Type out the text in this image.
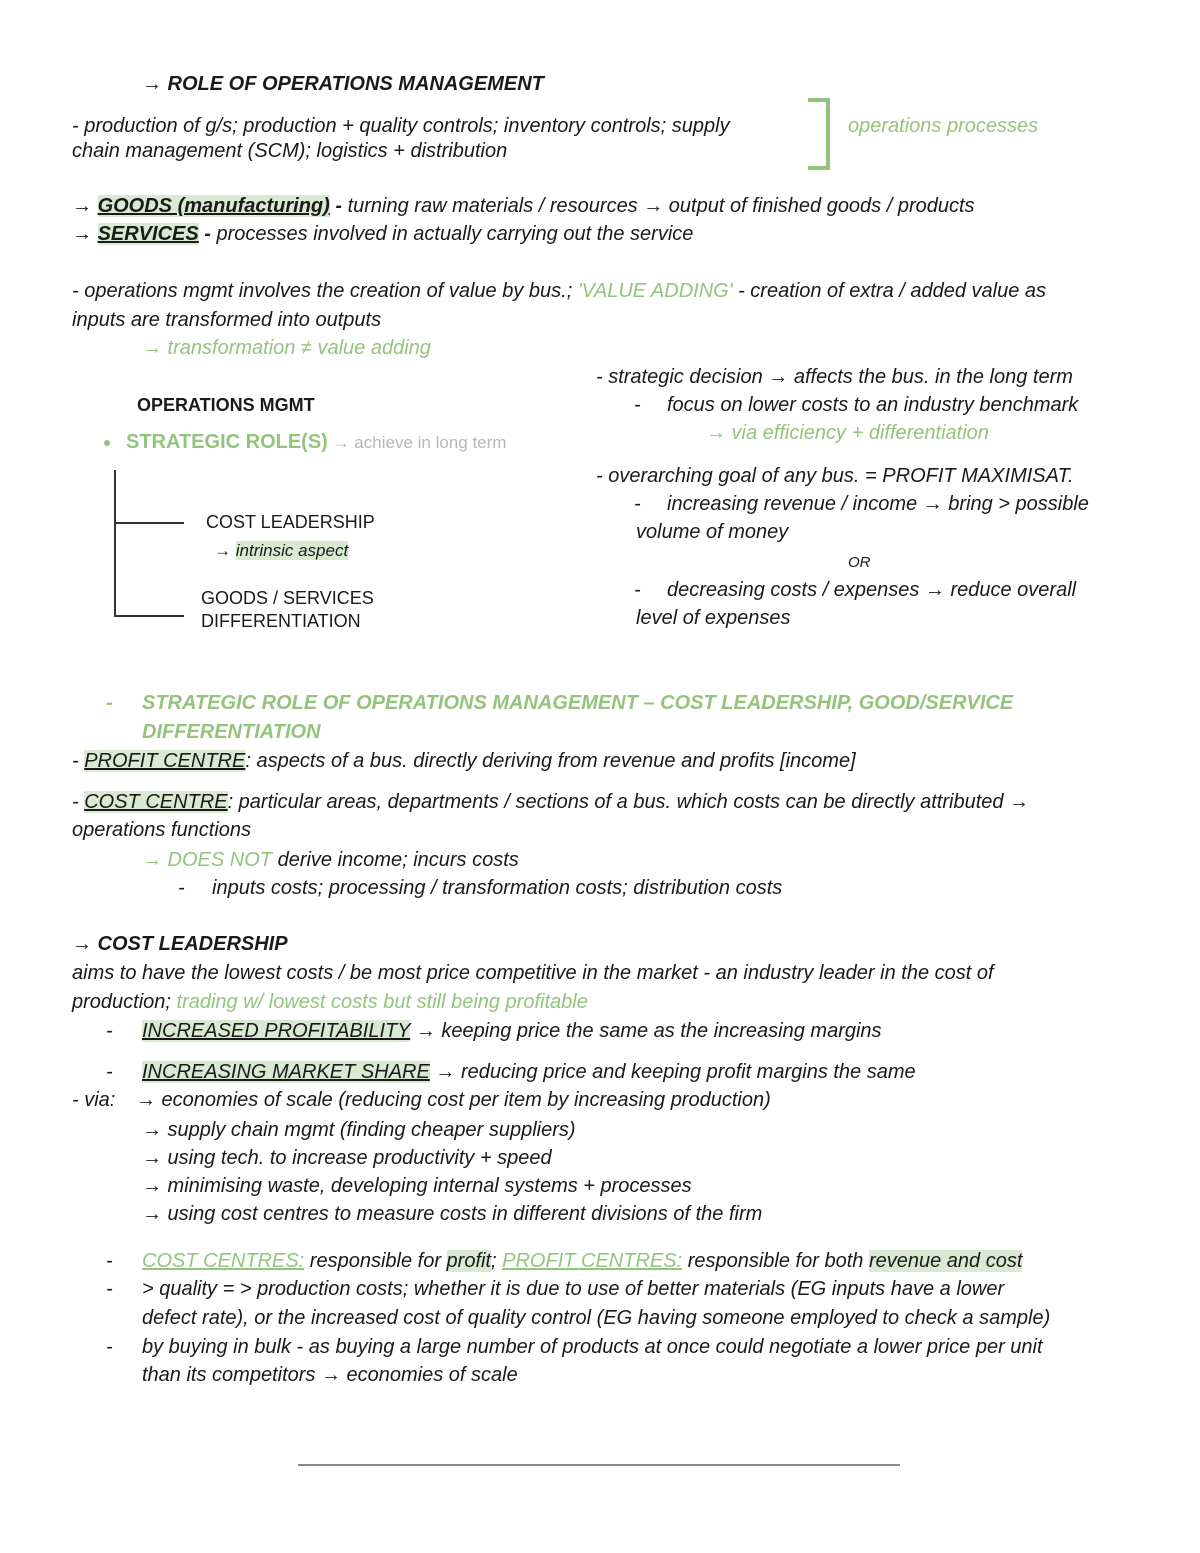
→ ROLE OF OPERATIONS MANAGEMENT
- production of g/s; production + quality controls; inventory controls; supply
chain management (SCM); logistics + distribution
operations processes
→ GOODS (manufacturing) - turning raw materials / resources → output of finished goods / products
→ SERVICES - processes involved in actually carrying out the service
- operations mgmt involves the creation of value by bus.; 'VALUE ADDING' - creation of extra / added value as
inputs are transformed into outputs
→ transformation ≠ value adding
OPERATIONS MGMT
STRATEGIC ROLE(S) → achieve in long term
COST LEADERSHIP
→ intrinsic aspect
GOODS / SERVICES
DIFFERENTIATION
- strategic decision → affects the bus. in the long term
- focus on lower costs to an industry benchmark
→ via efficiency + differentiation
- overarching goal of any bus. = PROFIT MAXIMISAT.
- increasing revenue / income → bring > possible
volume of money
OR
- decreasing costs / expenses → reduce overall
level of expenses
- STRATEGIC ROLE OF OPERATIONS MANAGEMENT – COST LEADERSHIP, GOOD/SERVICE
DIFFERENTIATION
- PROFIT CENTRE: aspects of a bus. directly deriving from revenue and profits [income]
- COST CENTRE: particular areas, departments / sections of a bus. which costs can be directly attributed →
operations functions
→ DOES NOT derive income; incurs costs
- inputs costs; processing / transformation costs; distribution costs
→ COST LEADERSHIP
aims to have the lowest costs / be most price competitive in the market - an industry leader in the cost of
production; trading w/ lowest costs but still being profitable
- INCREASED PROFITABILITY → keeping price the same as the increasing margins
- INCREASING MARKET SHARE → reducing price and keeping profit margins the same
- via: → economies of scale (reducing cost per item by increasing production)
→ supply chain mgmt (finding cheaper suppliers)
→ using tech. to increase productivity + speed
→ minimising waste, developing internal systems + processes
→ using cost centres to measure costs in different divisions of the firm
- COST CENTRES: responsible for profit; PROFIT CENTRES: responsible for both revenue and cost
- > quality = > production costs; whether it is due to use of better materials (EG inputs have a lower
defect rate), or the increased cost of quality control (EG having someone employed to check a sample)
- by buying in bulk - as buying a large number of products at once could negotiate a lower price per unit
than its competitors → economies of scale
